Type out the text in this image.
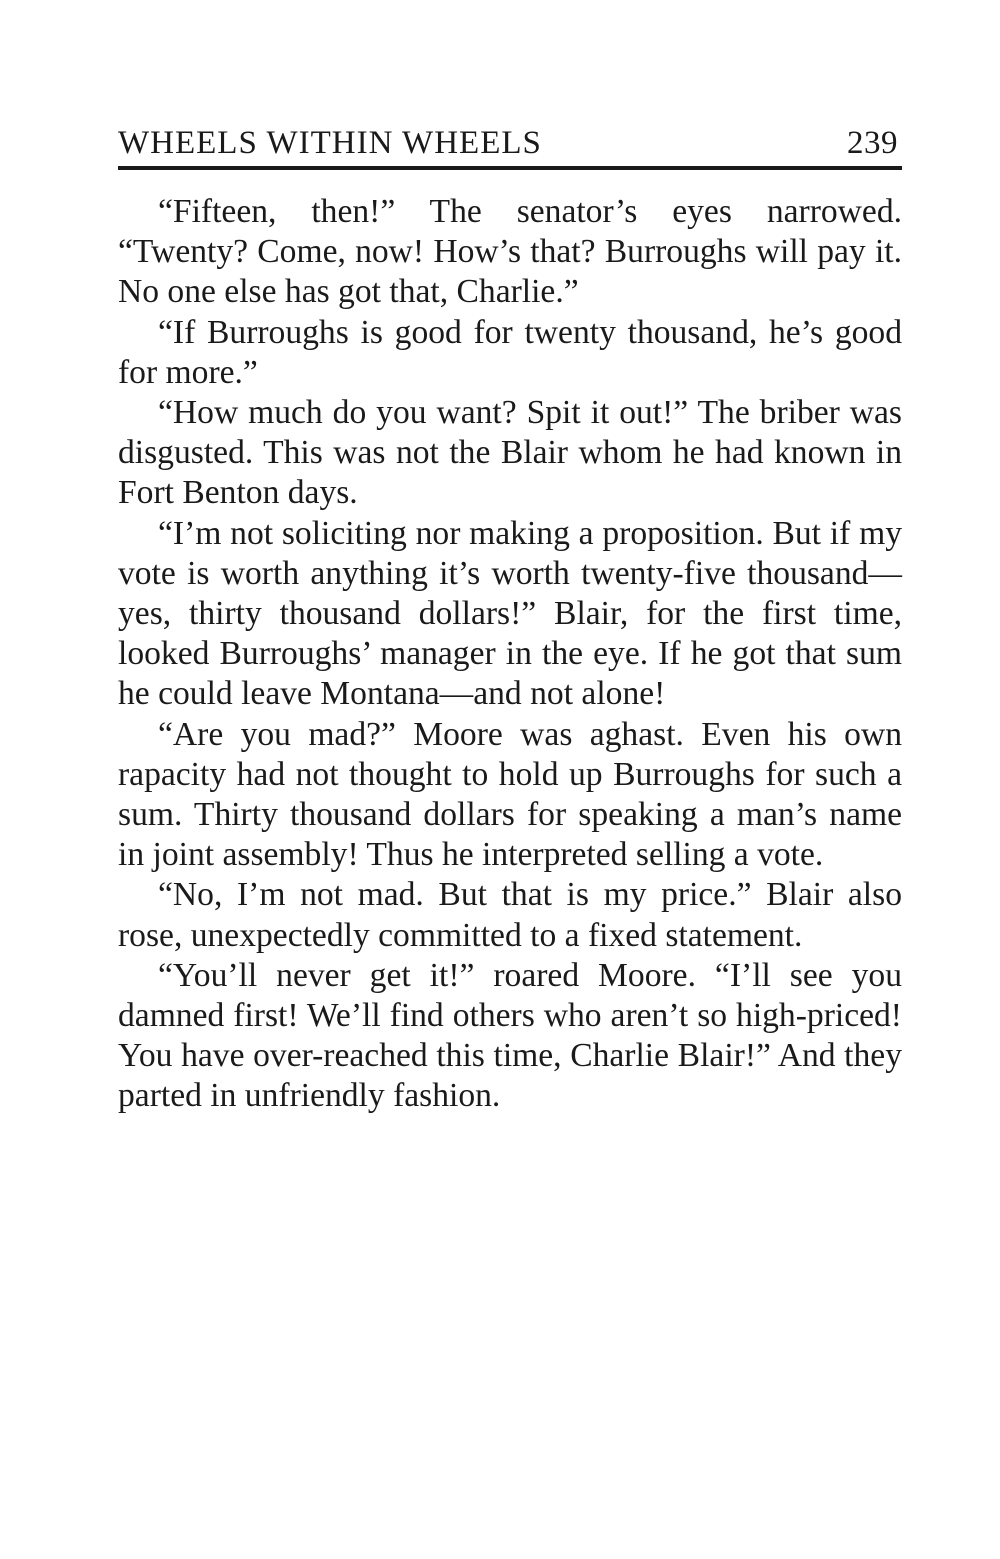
WHEELS WITHIN WHEELS	239

“Fifteen, then!” The senator’s eyes narrowed. “Twenty? Come, now! How’s that? Burroughs will pay it. No one else has got that, Charlie.”

“If Burroughs is good for twenty thousand, he’s good for more.”

“How much do you want? Spit it out!” The briber was disgusted. This was not the Blair whom he had known in Fort Benton days.

“I’m not soliciting nor making a proposition. But if my vote is worth anything it’s worth twenty-five thousand—yes, thirty thousand dollars!” Blair, for the first time, looked Burroughs’ manager in the eye. If he got that sum he could leave Montana—and not alone!

“Are you mad?” Moore was aghast. Even his own rapacity had not thought to hold up Burroughs for such a sum. Thirty thousand dollars for speaking a man’s name in joint assembly! Thus he interpreted selling a vote.

“No, I’m not mad. But that is my price.” Blair also rose, unexpectedly committed to a fixed statement.

“You’ll never get it!” roared Moore. “I’ll see you damned first! We’ll find others who aren’t so high-priced! You have over-reached this time, Charlie Blair!” And they parted in unfriendly fashion.
